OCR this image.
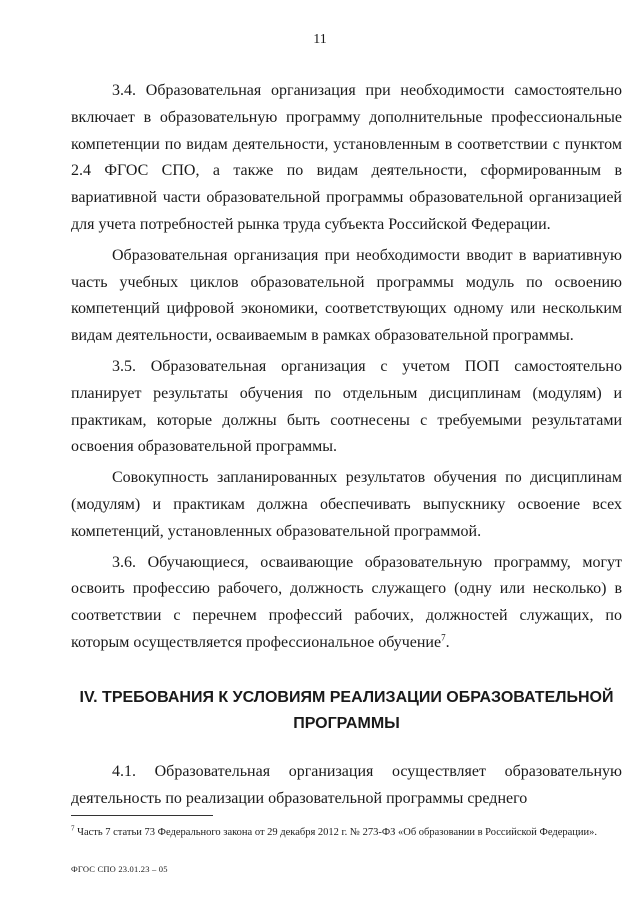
11

3.4. Образовательная организация при необходимости самостоятельно включает в образовательную программу дополнительные профессиональные компетенции по видам деятельности, установленным в соответствии с пунктом 2.4 ФГОС СПО, а также по видам деятельности, сформированным в вариативной части образовательной программы образовательной организацией для учета потребностей рынка труда субъекта Российской Федерации.

Образовательная организация при необходимости вводит в вариативную часть учебных циклов образовательной программы модуль по освоению компетенций цифровой экономики, соответствующих одному или нескольким видам деятельности, осваиваемым в рамках образовательной программы.

3.5. Образовательная организация с учетом ПОП самостоятельно планирует результаты обучения по отдельным дисциплинам (модулям) и практикам, которые должны быть соотнесены с требуемыми результатами освоения образовательной программы.

Совокупность запланированных результатов обучения по дисциплинам (модулям) и практикам должна обеспечивать выпускнику освоение всех компетенций, установленных образовательной программой.

3.6. Обучающиеся, осваивающие образовательную программу, могут освоить профессию рабочего, должность служащего (одну или несколько) в соответствии с перечнем профессий рабочих, должностей служащих, по которым осуществляется профессиональное обучение$^7$.

IV. ТРЕБОВАНИЯ К УСЛОВИЯМ РЕАЛИЗАЦИИ ОБРАЗОВАТЕЛЬНОЙ ПРОГРАММЫ

4.1. Образовательная организация осуществляет образовательную деятельность по реализации образовательной программы среднего

$^7$ Часть 7 статьи 73 Федерального закона от 29 декабря 2012 г. № 273-ФЗ «Об образовании в Российской Федерации».
ФГОС СПО 23.01.23 – 05
